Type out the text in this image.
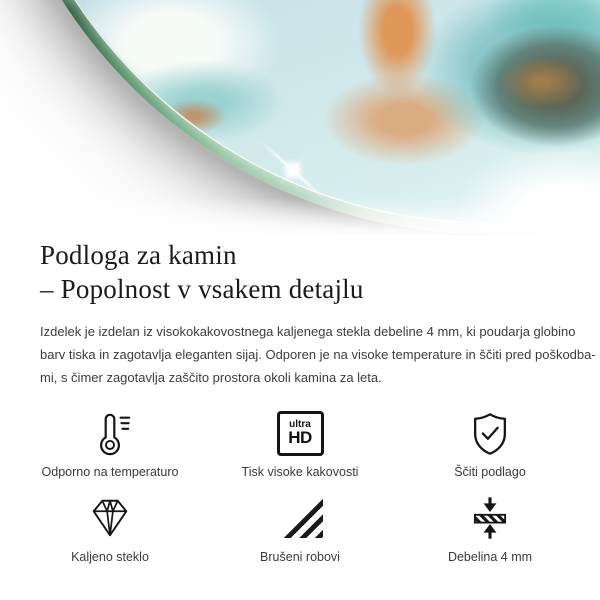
Podloga za kamin
– Popolnost v vsakem detajlu
Izdelek je izdelan iz visokokakovostnega kaljenega stekla debeline 4 mm, ki poudarja globino
barv tiska in zagotavlja eleganten sijaj. Odporen je na visoke temperature in ščiti pred poškodba-
mi, s čimer zagotavlja zaščito prostora okoli kamina za leta.
Odporno na temperaturo
ultra
HD
Tisk visoke kakovosti	Ščiti podlago
Kaljeno steklo	Brušeni robovi	Debelina 4 mm
